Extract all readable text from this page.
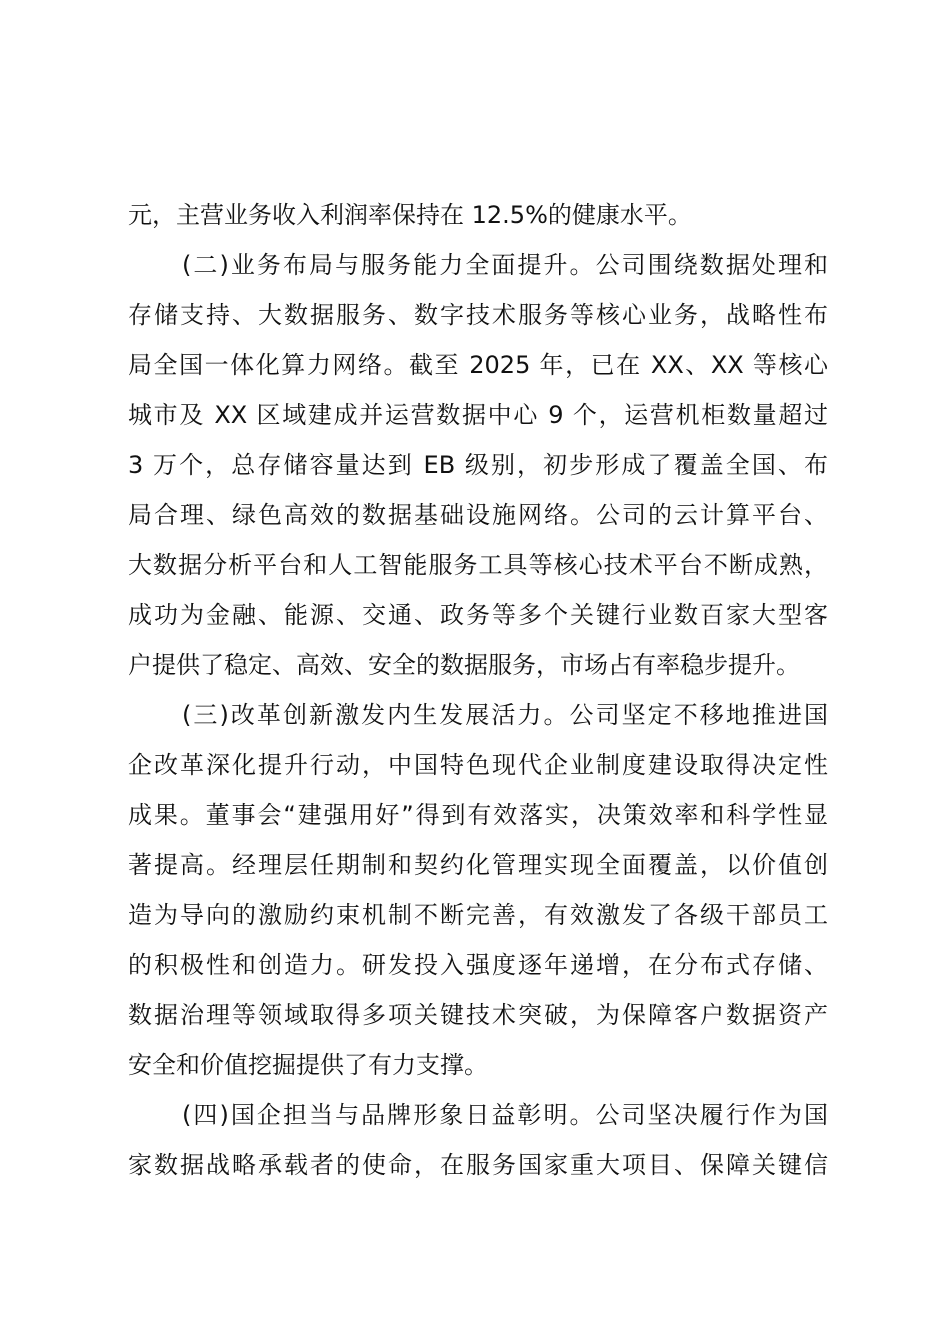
元，主营业务收入利润率保持在 12.5%的健康水平。
(二)业务布局与服务能力全面提升。公司围绕数据处理和
存储支持、大数据服务、数字技术服务等核心业务，战略性布
局全国一体化算力网络。截至 2025 年，已在 XX、XX 等核心
城市及 XX 区域建成并运营数据中心 9 个，运营机柜数量超过
3 万个，总存储容量达到 EB 级别，初步形成了覆盖全国、布
局合理、绿色高效的数据基础设施网络。公司的云计算平台、
大数据分析平台和人工智能服务工具等核心技术平台不断成熟，
成功为金融、能源、交通、政务等多个关键行业数百家大型客
户提供了稳定、高效、安全的数据服务，市场占有率稳步提升。
(三)改革创新激发内生发展活力。公司坚定不移地推进国
企改革深化提升行动，中国特色现代企业制度建设取得决定性
成果。董事会“建强用好”得到有效落实，决策效率和科学性显
著提高。经理层任期制和契约化管理实现全面覆盖，以价值创
造为导向的激励约束机制不断完善，有效激发了各级干部员工
的积极性和创造力。研发投入强度逐年递增，在分布式存储、
数据治理等领域取得多项关键技术突破，为保障客户数据资产
安全和价值挖掘提供了有力支撑。
(四)国企担当与品牌形象日益彰明。公司坚决履行作为国
家数据战略承载者的使命，在服务国家重大项目、保障关键信
